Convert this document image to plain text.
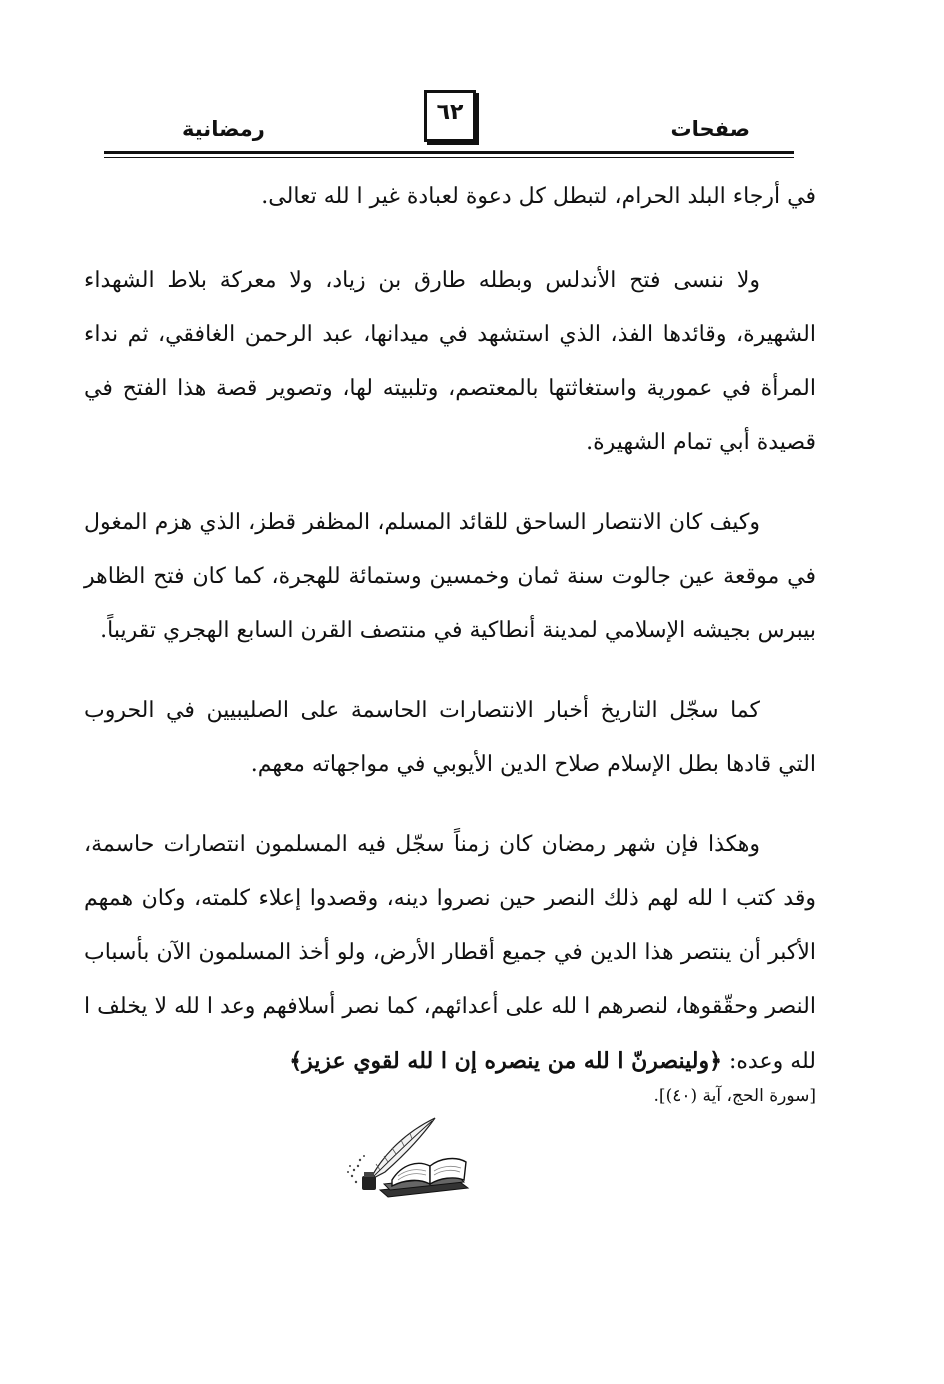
رمضانية
٦٢
صفحات

في أرجاء البلد الحرام، لتبطل كل دعوة لعبادة غير ا لله تعالى.

ولا ننسى فتح الأندلس وبطله طارق بن زياد، ولا معركة بلاط الشهداء الشهيرة، وقائدها الفذ، الذي استشهد في ميدانها، عبد الرحمن الغافقي، ثم نداء المرأة في عمورية واستغاثتها بالمعتصم، وتلبيته لها، وتصوير قصة هذا الفتح في قصيدة أبي تمام الشهيرة.

وكيف كان الانتصار الساحق للقائد المسلم، المظفر قطز، الذي هزم المغول في موقعة عين جالوت سنة ثمان وخمسين وستمائة للهجرة، كما كان فتح الظاهر بيبرس بجيشه الإسلامي لمدينة أنطاكية في منتصف القرن السابع الهجري تقريباً.

كما سجّل التاريخ أخبار الانتصارات الحاسمة على الصليبيين في الحروب التي قادها بطل الإسلام صلاح الدين الأيوبي في مواجهاته معهم.

وهكذا فإن شهر رمضان كان زمناً سجّل فيه المسلمون انتصارات حاسمة، وقد كتب ا لله لهم ذلك النصر حين نصروا دينه، وقصدوا إعلاء كلمته، وكان همهم الأكبر أن ينتصر هذا الدين في جميع أقطار الأرض، ولو أخذ المسلمون الآن بأسباب النصر وحقّقوها، لنصرهم ا لله على أعدائهم، كما نصر أسلافهم وعد ا لله لا يخلف ا لله وعده: ﴿ولينصرنّ ا لله من ينصره إن ا لله لقوي عزيز﴾

[سورة الحج، آية (٤٠)].
